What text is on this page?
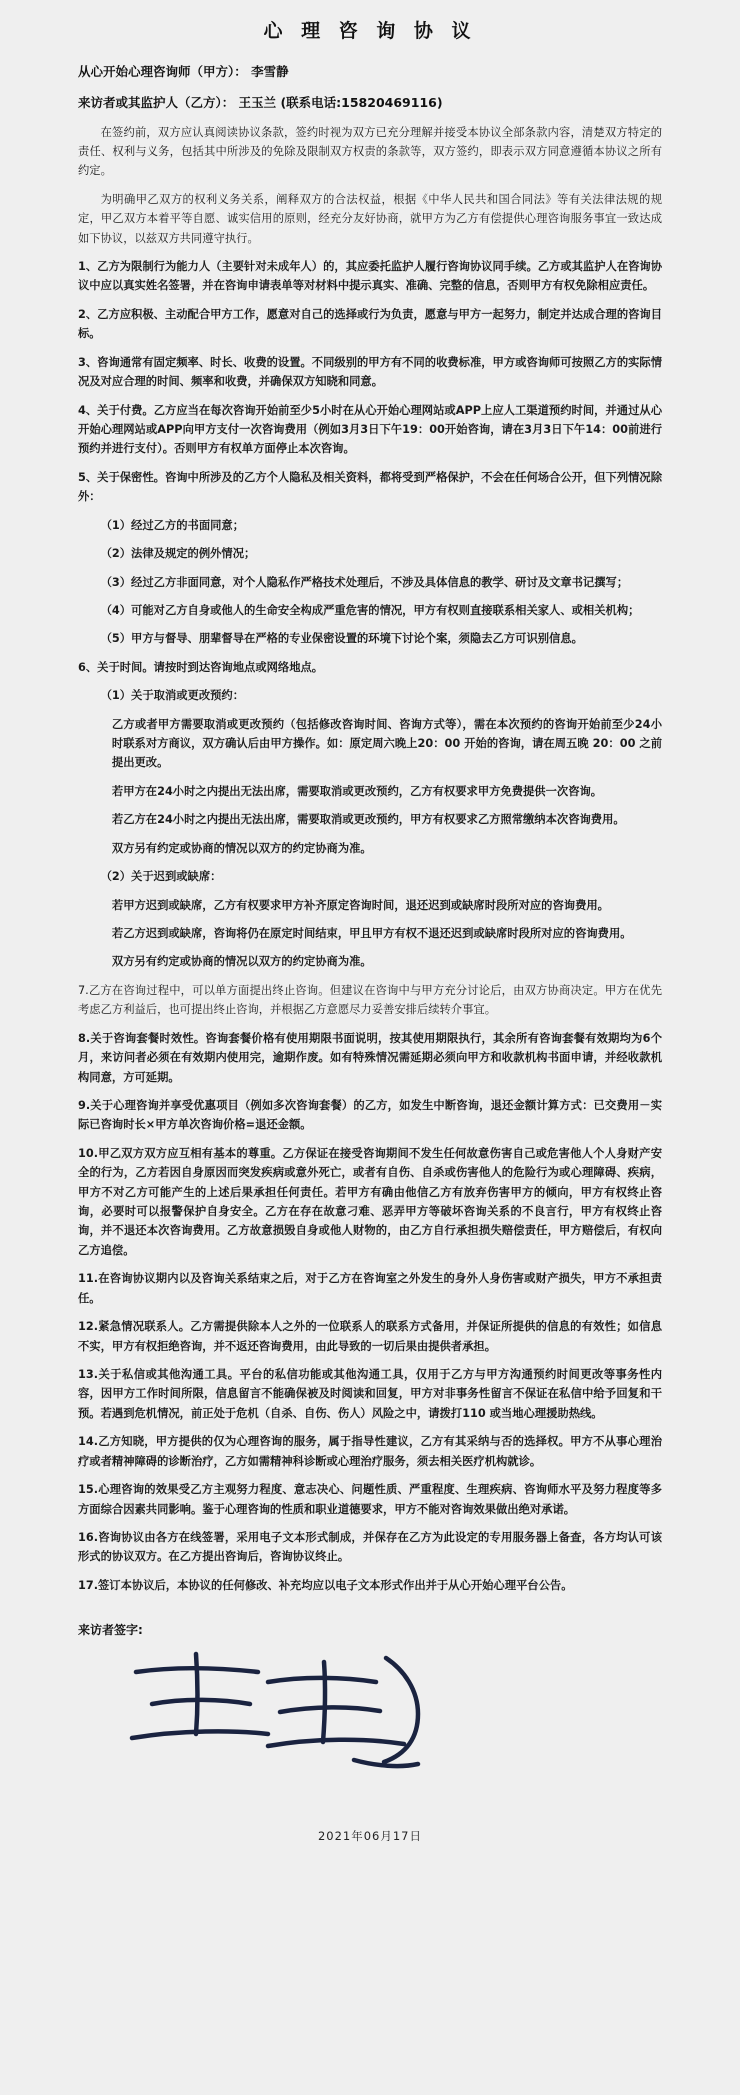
心 理 咨 询 协 议
从心开始心理咨询师（甲方）： 李雪静
来访者或其监护人（乙方）： 王玉兰 (联系电话:15820469116)

在签约前，双方应认真阅读协议条款，签约时视为双方已充分理解并接受本协议全部条款内容，清楚双方特定的责任、权利与义务，包括其中所涉及的免除及限制双方权责的条款等，双方签约，即表示双方同意遵循本协议之所有约定。

为明确甲乙双方的权利义务关系，阐释双方的合法权益，根据《中华人民共和国合同法》等有关法律法规的规定，甲乙双方本着平等自愿、诚实信用的原则，经充分友好协商，就甲方为乙方有偿提供心理咨询服务事宜一致达成如下协议，以兹双方共同遵守执行。

1、乙方为限制行为能力人（主要针对未成年人）的，其应委托监护人履行咨询协议同手续。乙方或其监护人在咨询协议中应以真实姓名签署，并在咨询申请表单等对材料中提示真实、准确、完整的信息，否则甲方有权免除相应责任。

2、乙方应积极、主动配合甲方工作，愿意对自己的选择或行为负责，愿意与甲方一起努力，制定并达成合理的咨询目标。

3、咨询通常有固定频率、时长、收费的设置。不同级别的甲方有不同的收费标准，甲方或咨询师可按照乙方的实际情况及对应合理的时间、频率和收费，并确保双方知晓和同意。

4、关于付费。乙方应当在每次咨询开始前至少5小时在从心开始心理网站或APP上应人工渠道预约时间，并通过从心开始心理网站或APP向甲方支付一次咨询费用（例如3月3日下午19：00开始咨询，请在3月3日下午14：00前进行预约并进行支付）。否则甲方有权单方面停止本次咨询。

5、关于保密性。咨询中所涉及的乙方个人隐私及相关资料，都将受到严格保护，不会在任何场合公开，但下列情况除外：

（1）经过乙方的书面同意；

（2）法律及规定的例外情况；

（3）经过乙方非面同意，对个人隐私作严格技术处理后，不涉及具体信息的教学、研讨及文章书记撰写；

（4）可能对乙方自身或他人的生命安全构成严重危害的情况，甲方有权则直接联系相关家人、或相关机构；

（5）甲方与督导、朋辈督导在严格的专业保密设置的环境下讨论个案，须隐去乙方可识别信息。

6、关于时间。请按时到达咨询地点或网络地点。

（1）关于取消或更改预约：

乙方或者甲方需要取消或更改预约（包括修改咨询时间、咨询方式等），需在本次预约的咨询开始前至少24小时联系对方商议，双方确认后由甲方操作。如：原定周六晚上20：00 开始的咨询，请在周五晚 20：00 之前提出更改。

若甲方在24小时之内提出无法出席，需要取消或更改预约，乙方有权要求甲方免费提供一次咨询。

若乙方在24小时之内提出无法出席，需要取消或更改预约，甲方有权要求乙方照常缴纳本次咨询费用。

双方另有约定或协商的情况以双方的约定协商为准。

（2）关于迟到或缺席：

若甲方迟到或缺席，乙方有权要求甲方补齐原定咨询时间，退还迟到或缺席时段所对应的咨询费用。

若乙方迟到或缺席，咨询将仍在原定时间结束，甲且甲方有权不退还迟到或缺席时段所对应的咨询费用。

双方另有约定或协商的情况以双方的约定协商为准。

7.乙方在咨询过程中，可以单方面提出终止咨询。但建议在咨询中与甲方充分讨论后，由双方协商决定。甲方在优先考虑乙方利益后，也可提出终止咨询，并根据乙方意愿尽力妥善安排后续转介事宜。

8.关于咨询套餐时效性。咨询套餐价格有使用期限书面说明，按其使用期限执行，其余所有咨询套餐有效期均为6个月，来访问者必须在有效期内使用完，逾期作废。如有特殊情况需延期必须向甲方和收款机构书面申请，并经收款机构同意，方可延期。

9.关于心理咨询并享受优惠项目（例如多次咨询套餐）的乙方，如发生中断咨询，退还金额计算方式：已交费用－实际已咨询时长×甲方单次咨询价格=退还金额。

10.甲乙双方双方应互相有基本的尊重。乙方保证在接受咨询期间不发生任何故意伤害自己或危害他人个人身财产安全的行为，乙方若因自身原因而突发疾病或意外死亡，或者有自伤、自杀或伤害他人的危险行为或心理障碍、疾病，甲方不对乙方可能产生的上述后果承担任何责任。若甲方有确由他信乙方有放弃伤害甲方的倾向，甲方有权终止咨询，必要时可以报警保护自身安全。乙方在存在故意刁难、恶弄甲方等破坏咨询关系的不良言行，甲方有权终止咨询，并不退还本次咨询费用。乙方故意损毁自身或他人财物的，由乙方自行承担损失赔偿责任，甲方赔偿后，有权向乙方追偿。

11.在咨询协议期内以及咨询关系结束之后，对于乙方在咨询室之外发生的身外人身伤害或财产损失，甲方不承担责任。

12.紧急情况联系人。乙方需提供除本人之外的一位联系人的联系方式备用，并保证所提供的信息的有效性；如信息不实，甲方有权拒绝咨询，并不返还咨询费用，由此导致的一切后果由提供者承担。

13.关于私信或其他沟通工具。平台的私信功能或其他沟通工具，仅用于乙方与甲方沟通预约时间更改等事务性内容，因甲方工作时间所限，信息留言不能确保被及时阅读和回复，甲方对非事务性留言不保证在私信中给予回复和干预。若遇到危机情况，前正处于危机（自杀、自伤、伤人）风险之中，请拨打110 或当地心理援助热线。

14.乙方知晓，甲方提供的仅为心理咨询的服务，属于指导性建议，乙方有其采纳与否的选择权。甲方不从事心理治疗或者精神障碍的诊断治疗，乙方如需精神科诊断或心理治疗服务，须去相关医疗机构就诊。

15.心理咨询的效果受乙方主观努力程度、意志决心、问题性质、严重程度、生理疾病、咨询师水平及努力程度等多方面综合因素共同影响。鉴于心理咨询的性质和职业道德要求，甲方不能对咨询效果做出绝对承诺。

16.咨询协议由各方在线签署，采用电子文本形式制成，并保存在乙方为此设定的专用服务器上备查，各方均认可该形式的协议双方。在乙方提出咨询后，咨询协议终止。

17.签订本协议后，本协议的任何修改、补充均应以电子文本形式作出并于从心开始心理平台公告。

来访者签字:
2021年06月17日
